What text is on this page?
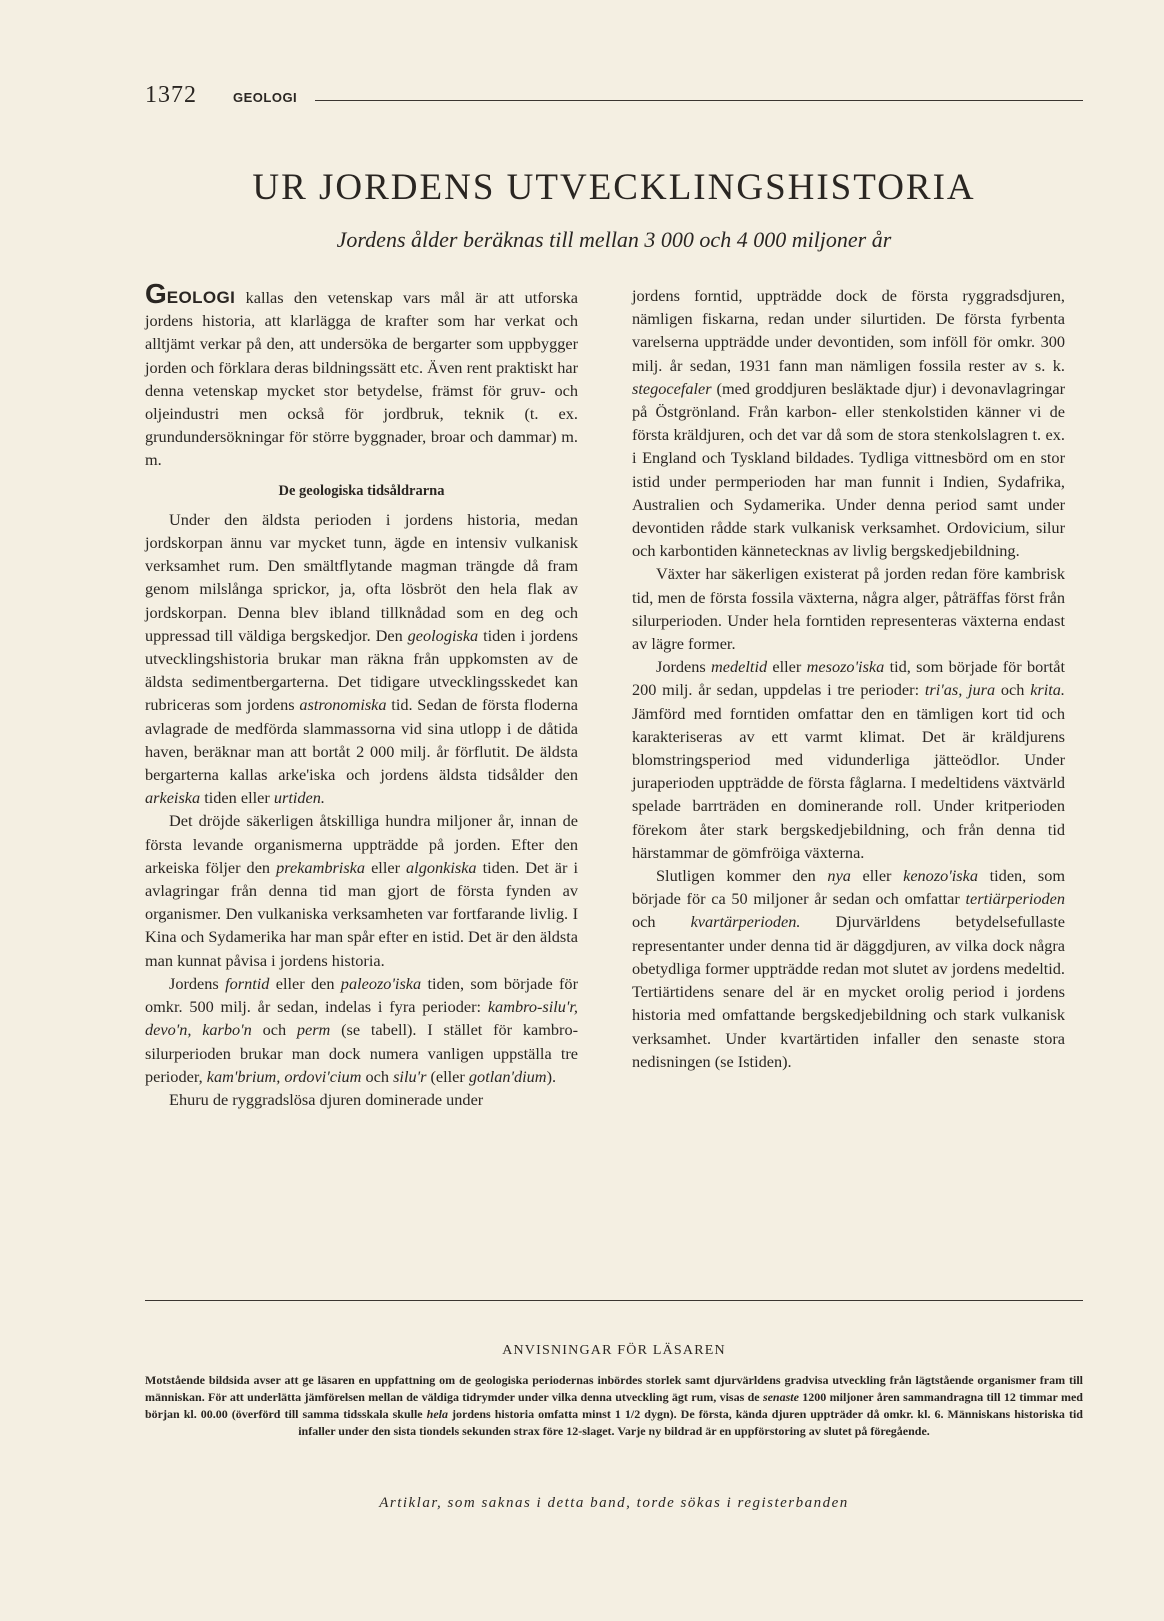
1372	GEOLOGI
UR JORDENS UTVECKLINGSHISTORIA
Jordens ålder beräknas till mellan 3 000 och 4 000 miljoner år

GEOLOGI kallas den vetenskap vars mål är att utforska jordens historia, att klarlägga de krafter som har verkat och alltjämt verkar på den, att undersöka de bergarter som uppbygger jorden och förklara deras bildningssätt etc. Även rent praktiskt har denna vetenskap mycket stor betydelse, främst för gruv- och oljeindustri men också för jordbruk, teknik (t. ex. grundundersökningar för större byggnader, broar och dammar) m. m.

De geologiska tidsåldrarna

Under den äldsta perioden i jordens historia, medan jordskorpan ännu var mycket tunn, ägde en intensiv vulkanisk verksamhet rum. Den smältflytande magman trängde då fram genom milslånga sprickor, ja, ofta lösbröt den hela flak av jordskorpan. Denna blev ibland tillknådad som en deg och uppressad till väldiga bergskedjor. Den geologiska tiden i jordens utvecklingshistoria brukar man räkna från uppkomsten av de äldsta sedimentbergarterna. Det tidigare utvecklingsskedet kan rubriceras som jordens astronomiska tid. Sedan de första floderna avlagrade de medförda slammassorna vid sina utlopp i de dåtida haven, beräknar man att bortåt 2 000 milj. år förflutit. De äldsta bergarterna kallas arke'iska och jordens äldsta tidsålder den arkeiska tiden eller urtiden.

Det dröjde säkerligen åtskilliga hundra miljoner år, innan de första levande organismerna uppträdde på jorden. Efter den arkeiska följer den prekambriska eller algonkiska tiden. Det är i avlagringar från denna tid man gjort de första fynden av organismer. Den vulkaniska verksamheten var fortfarande livlig. I Kina och Sydamerika har man spår efter en istid. Det är den äldsta man kunnat påvisa i jordens historia.

Jordens forntid eller den paleozo'iska tiden, som började för omkr. 500 milj. år sedan, indelas i fyra perioder: kambro-silu'r, devo'n, karbo'n och perm (se tabell). I stället för kambro-silurperioden brukar man dock numera vanligen uppställa tre perioder, kam'brium, ordovi'cium och silu'r (eller gotlan'dium).

Ehuru de ryggradslösa djuren dominerade under

jordens forntid, uppträdde dock de första ryggradsdjuren, nämligen fiskarna, redan under silurtiden. De första fyrbenta varelserna uppträdde under devontiden, som inföll för omkr. 300 milj. år sedan, 1931 fann man nämligen fossila rester av s. k. stegocefaler (med groddjuren besläktade djur) i devonavlagringar på Östgrönland. Från karbon- eller stenkolstiden känner vi de första kräldjuren, och det var då som de stora stenkolslagren t. ex. i England och Tyskland bildades. Tydliga vittnesbörd om en stor istid under permperioden har man funnit i Indien, Sydafrika, Australien och Sydamerika. Under denna period samt under devontiden rådde stark vulkanisk verksamhet. Ordovicium, silur och karbontiden kännetecknas av livlig bergskedjebildning.

Växter har säkerligen existerat på jorden redan före kambrisk tid, men de första fossila växterna, några alger, påträffas först från silurperioden. Under hela forntiden representeras växterna endast av lägre former.

Jordens medeltid eller mesozo'iska tid, som började för bortåt 200 milj. år sedan, uppdelas i tre perioder: tri'as, jura och krita. Jämförd med forntiden omfattar den en tämligen kort tid och karakteriseras av ett varmt klimat. Det är kräldjurens blomstringsperiod med vidunderliga jätteödlor. Under juraperioden uppträdde de första fåglarna. I medeltidens växtvärld spelade barrträden en dominerande roll. Under kritperioden förekom åter stark bergskedjebildning, och från denna tid härstammar de gömfröiga växterna.

Slutligen kommer den nya eller kenozo'iska tiden, som började för ca 50 miljoner år sedan och omfattar tertiärperioden och kvartärperioden. Djurvärldens betydelsefullaste representanter under denna tid är däggdjuren, av vilka dock några obetydliga former uppträdde redan mot slutet av jordens medeltid. Tertiärtidens senare del är en mycket orolig period i jordens historia med omfattande bergskedjebildning och stark vulkanisk verksamhet. Under kvartärtiden infaller den senaste stora nedisningen (se Istiden).

ANVISNINGAR FÖR LÄSAREN
Motstående bildsida avser att ge läsaren en uppfattning om de geologiska periodernas inbördes storlek samt djurvärldens gradvisa utveckling från lägtstående organismer fram till människan. För att underlätta jämförelsen mellan de väldiga tidrymder under vilka denna utveckling ägt rum, visas de senaste 1200 miljoner åren sammandragna till 12 timmar med början kl. 00.00 (överförd till samma tidsskala skulle hela jordens historia omfatta minst 1 1/2 dygn). De första, kända djuren uppträder då omkr. kl. 6. Människans historiska tid infaller under den sista tiondels sekunden strax före 12-slaget. Varje ny bildrad är en uppförstoring av slutet på föregående.
Artiklar, som saknas i detta band, torde sökas i registerbanden
